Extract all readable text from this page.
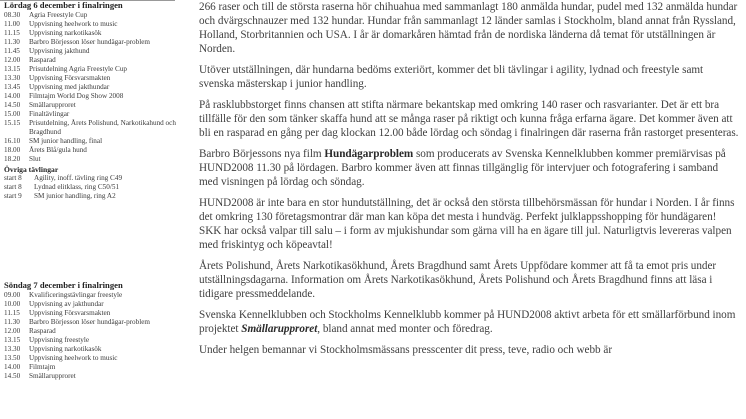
Lördag 6 december i finalringen
08.30	Agria Freestyle Cup
11.00	Uppvisning heelwork to music
11.15	Uppvisning narkotikasök
11.30	Barbro Börjesson löser hundägar-problem
11.45	Uppvisning jakthund
12.00	Rasparad
13.15	Prisutdelning Agria Freestyle Cup
13.30	Uppvisning Försvarsmakten
13.45	Uppvisning med jakthundar
14.00	Filmtajm World Dog Show 2008
14.50	Smällarupproret
15.00	Finaltävlingar
15.15	Prisutdelning, Årets Polishund, Narkotikahund och Bragdhund
16.10	SM junior handling, final
18.00	Årets Blå/gula hund
18.20	Slut
Övriga tävlingar
start 8	Agility, inoff. tävling ring C49
start 8	Lydnad elitklass, ring C50/51
start 9	SM junior handling, ring A2
Söndag 7 december i finalringen
09.00	Kvalificeringstävlingar freestyle
10.00	Uppvisning av jakthundar
11.15	Uppvisning Försvarsmakten
11.30	Barbro Börjesson löser hundägar-problem
12.00	Rasparad
13.15	Uppvisning freestyle
13.30	Uppvisning narkotikasök
13.50	Uppvisning heelwork to music
14.00	Filmtajm
14.50	Smällarupproret

266 raser och till de största raserna hör chihuahua med sammanlagt 180 anmälda hundar, pudel med 132 anmälda hundar och dvärgschnauzer med 132 hundar. Hundar från sammanlagt 12 länder samlas i Stockholm, bland annat från Ryssland, Holland, Storbritannien och USA. I år är domarkåren hämtad från de nordiska länderna då temat för utställningen är Norden.

Utöver utställningen, där hundarna bedöms exteriört, kommer det bli tävlingar i agility, lydnad och freestyle samt svenska mästerskap i junior handling.

På rasklubbstorget finns chansen att stifta närmare bekantskap med omkring 140 raser och rasvarianter. Det är ett bra tillfälle för den som tänker skaffa hund att se många raser på riktigt och kunna fråga erfarna ägare. Det kommer även att bli en rasparad en gång per dag klockan 12.00 både lördag och söndag i finalringen där raserna från rastorget presenteras.

Barbro Börjessons nya film Hundägarproblem som producerats av Svenska Kennelklubben kommer premiärvisas på HUND2008 11.30 på lördagen. Barbro kommer även att finnas tillgänglig för intervjuer och fotografering i samband med visningen på lördag och söndag.

HUND2008 är inte bara en stor hundutställning, det är också den största tillbehörsmässan för hundar i Norden. I år finns det omkring 130 företagsmontrar där man kan köpa det mesta i hundväg. Perfekt julklappsshopping för hundägaren! SKK har också valpar till salu – i form av mjukishundar som gärna vill ha en ägare till jul. Naturligtvis levereras valpen med friskintyg och köpeavtal!

Årets Polishund, Årets Narkotikasökhund, Årets Bragdhund samt Årets Uppfödare kommer att få ta emot pris under utställningsdagarna. Information om Årets Narkotikasökhund, Årets Polishund och Årets Bragdhund finns att läsa i tidigare pressmeddelande.

Svenska Kennelklubben och Stockholms Kennelklubb kommer på HUND2008 aktivt arbeta för ett smällarförbund inom projektet Smällarupproret, bland annat med monter och föredrag.

Under helgen bemannar vi Stockholmsmässans presscenter dit press, teve, radio och webb är
